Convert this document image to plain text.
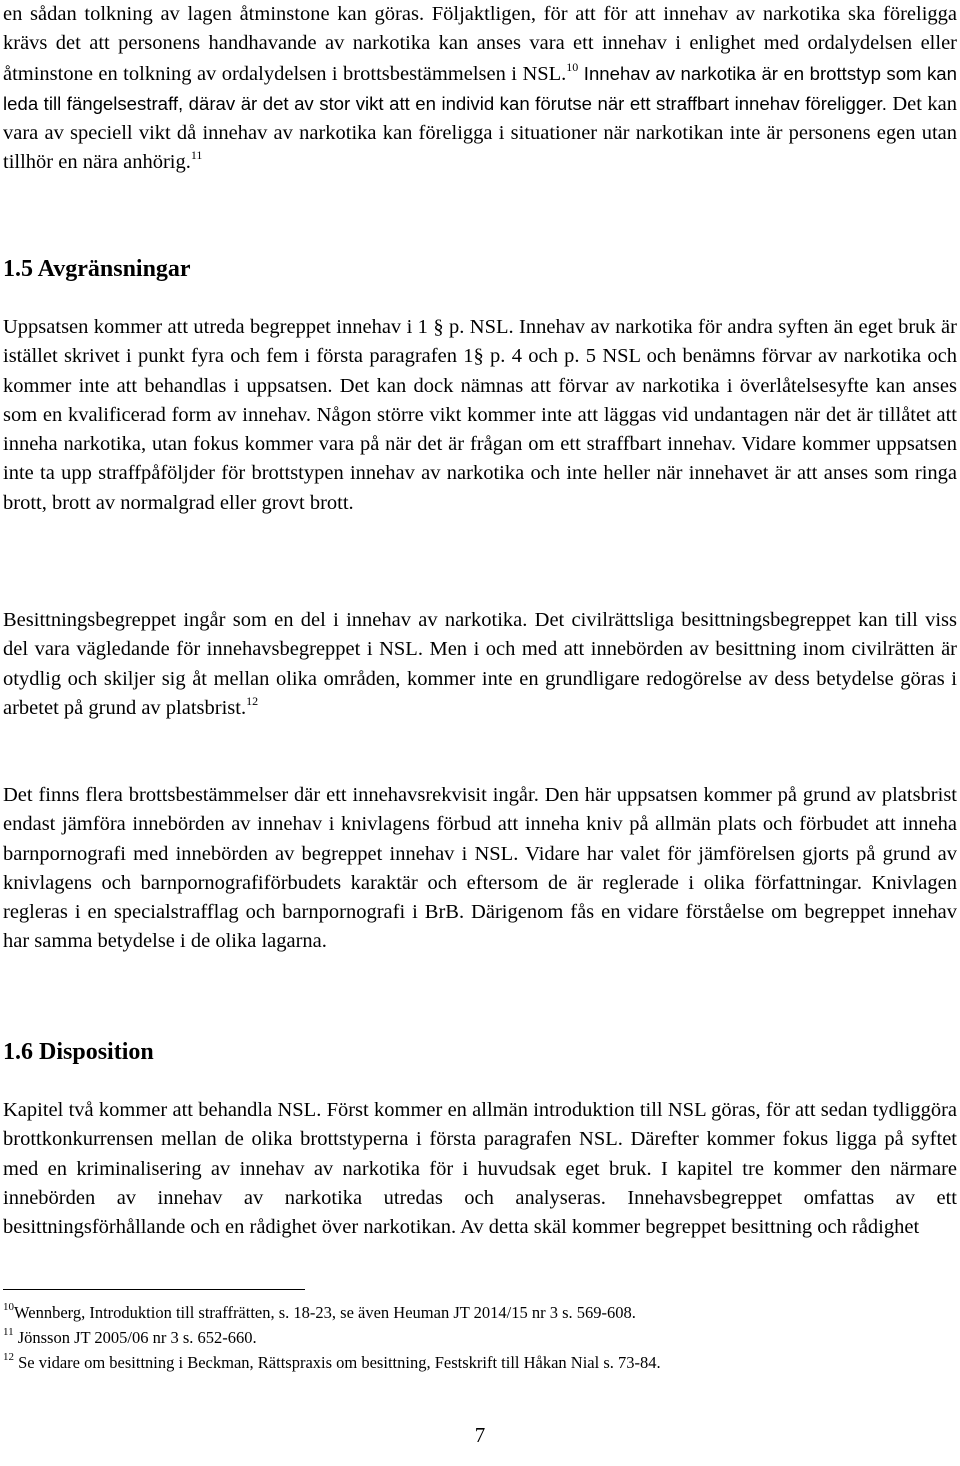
en sådan tolkning av lagen åtminstone kan göras. Följaktligen, för att för att innehav av narkotika ska föreligga krävs det att personens handhavande av narkotika kan anses vara ett innehav i enlighet med ordalydelsen eller åtminstone en tolkning av ordalydelsen i brottsbestämmelsen i NSL.$^{10}$ Innehav av narkotika är en brottstyp som kan leda till fängelsestraff, därav är det av stor vikt att en individ kan förutse när ett straffbart innehav föreligger. Det kan vara av speciell vikt då innehav av narkotika kan föreligga i situationer när narkotikan inte är personens egen utan tillhör en nära anhörig.$^{11}$

1.5 Avgränsningar

Uppsatsen kommer att utreda begreppet innehav i 1 § p. NSL. Innehav av narkotika för andra syften än eget bruk är istället skrivet i punkt fyra och fem i första paragrafen 1§ p. 4 och p. 5 NSL och benämns förvar av narkotika och kommer inte att behandlas i uppsatsen. Det kan dock nämnas att förvar av narkotika i överlåtelsesyfte kan anses som en kvalificerad form av innehav. Någon större vikt kommer inte att läggas vid undantagen när det är tillåtet att inneha narkotika, utan fokus kommer vara på när det är frågan om ett straffbart innehav. Vidare kommer uppsatsen inte ta upp straffpåföljder för brottstypen innehav av narkotika och inte heller när innehavet är att anses som ringa brott, brott av normalgrad eller grovt brott.

Besittningsbegreppet ingår som en del i innehav av narkotika. Det civilrättsliga besittningsbegreppet kan till viss del vara vägledande för innehavsbegreppet i NSL. Men i och med att innebörden av besittning inom civilrätten är otydlig och skiljer sig åt mellan olika områden, kommer inte en grundligare redogörelse av dess betydelse göras i arbetet på grund av platsbrist.$^{12}$

Det finns flera brottsbestämmelser där ett innehavsrekvisit ingår. Den här uppsatsen kommer på grund av platsbrist endast jämföra innebörden av innehav i knivlagens förbud att inneha kniv på allmän plats och förbudet att inneha barnpornografi med innebörden av begreppet innehav i NSL. Vidare har valet för jämförelsen gjorts på grund av knivlagens och barnpornografiförbudets karaktär och eftersom de är reglerade i olika författningar. Knivlagen regleras i en specialstrafflag och barnpornografi i BrB. Därigenom fås en vidare förståelse om begreppet innehav har samma betydelse i de olika lagarna.

1.6 Disposition

Kapitel två kommer att behandla NSL. Först kommer en allmän introduktion till NSL göras, för att sedan tydliggöra brottkonkurrensen mellan de olika brottstyperna i första paragrafen NSL. Därefter kommer fokus ligga på syftet med en kriminalisering av innehav av narkotika för i huvudsak eget bruk. I kapitel tre kommer den närmare innebörden av innehav av narkotika utredas och analyseras. Innehavsbegreppet omfattas av ett besittningsförhållande och en rådighet över narkotikan. Av detta skäl kommer begreppet besittning och rådighet

$^{10}$Wennberg, Introduktion till straffrätten, s. 18-23, se även Heuman JT 2014/15 nr 3 s. 569-608.

$^{11}$ Jönsson JT 2005/06 nr 3 s. 652-660.

$^{12}$ Se vidare om besittning i Beckman, Rättspraxis om besittning, Festskrift till Håkan Nial s. 73-84.

7
